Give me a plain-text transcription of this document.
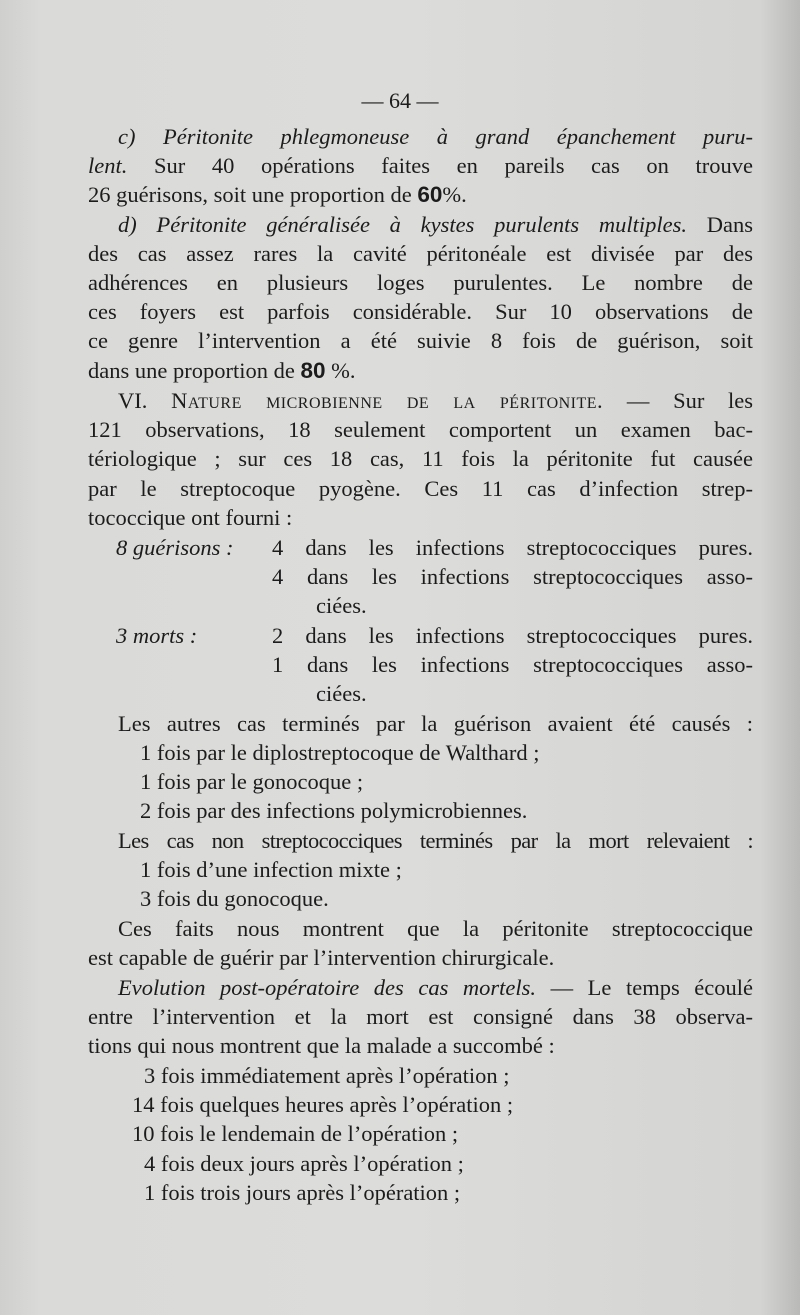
— 64 —
c) Péritonite phlegmoneuse à grand épanchement puru-
lent. Sur 40 opérations faites en pareils cas on trouve
26 guérisons, soit une proportion de 60%.
d) Péritonite généralisée à kystes purulents multiples. Dans
des cas assez rares la cavité péritonéale est divisée par des
adhérences en plusieurs loges purulentes. Le nombre de
ces foyers est parfois considérable. Sur 10 observations de
ce genre l’intervention a été suivie 8 fois de guérison, soit
dans une proportion de 80 %.
VI. Nature microbienne de la péritonite. — Sur les
121 observations, 18 seulement comportent un examen bac-
tériologique ; sur ces 18 cas, 11 fois la péritonite fut causée
par le streptocoque pyogène. Ces 11 cas d’infection strep-
tococcique ont fourni :
8 guérisons : 4 dans les infections streptococciques pures.
4 dans les infections streptococciques asso-
ciées.
3 morts :	2 dans les infections streptococciques pures.
1 dans les infections streptococciques asso-
ciées.
Les autres cas terminés par la guérison avaient été causés :
1 fois par le diplostreptocoque de Walthard ;
1 fois par le gonocoque ;
2 fois par des infections polymicrobiennes.
Les cas non streptococciques terminés par la mort relevaient :
1 fois d’une infection mixte ;
3 fois du gonocoque.
Ces faits nous montrent que la péritonite streptococcique
est capable de guérir par l’intervention chirurgicale.
Evolution post-opératoire des cas mortels. — Le temps écoulé
entre l’intervention et la mort est consigné dans 38 observa-
tions qui nous montrent que la malade a succombé :
3 fois immédiatement après l’opération ;
14 fois quelques heures après l’opération ;
10 fois le lendemain de l’opération ;
4 fois deux jours après l’opération ;
1 fois trois jours après l’opération ;
